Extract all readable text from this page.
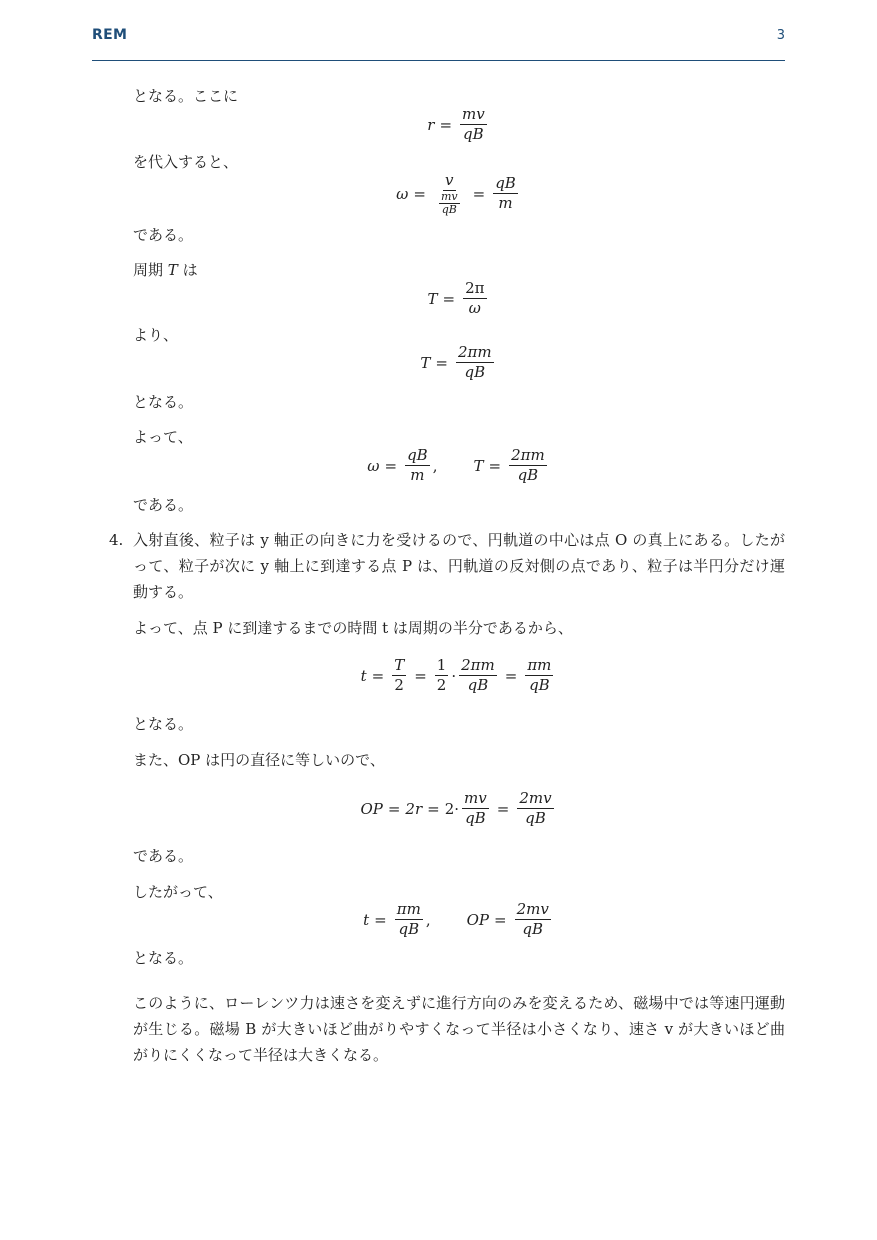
REM	3
となる。ここに
$r = \frac{mv}{qB}$
を代入すると、
$\omega = \frac{v}{\frac{mv}{qB}} = \frac{qB}{m}$
である。
周期 T は
$T = \frac{2\pi}{\omega}$
より、
$T = \frac{2\pi m}{qB}$
となる。
よって、
$\omega = \frac{qB}{m}$ , $T = \frac{2\pi m}{qB}$
である。
4. 入射直後、粒子は y 軸正の向きに力を受けるので、円軌道の中心は点 O の真上にある。したがって、粒子が次に y 軸上に到達する点 P は、円軌道の反対側の点であり、粒子は半円分だけ運動する。
よって、点 P に到達するまでの時間 t は周期の半分であるから、
$t = \frac{T}{2} = \frac{1}{2} \cdot \frac{2\pi m}{qB} = \frac{\pi m}{qB}$
となる。
また、OP は円の直径に等しいので、
OP = $2r = 2 \cdot \frac{mv}{qB} = \frac{2mv}{qB}$
である。
したがって、
$t = \frac{\pi m}{qB}$ , OP = $\frac{2mv}{qB}$
となる。
このように、ローレンツ力は速さを変えずに進行方向のみを変えるため、磁場中では等速円運動が生じる。磁場 B が大きいほど曲がりやすくなって半径は小さくなり、速さ v が大きいほど曲がりにくくなって半径は大きくなる。
